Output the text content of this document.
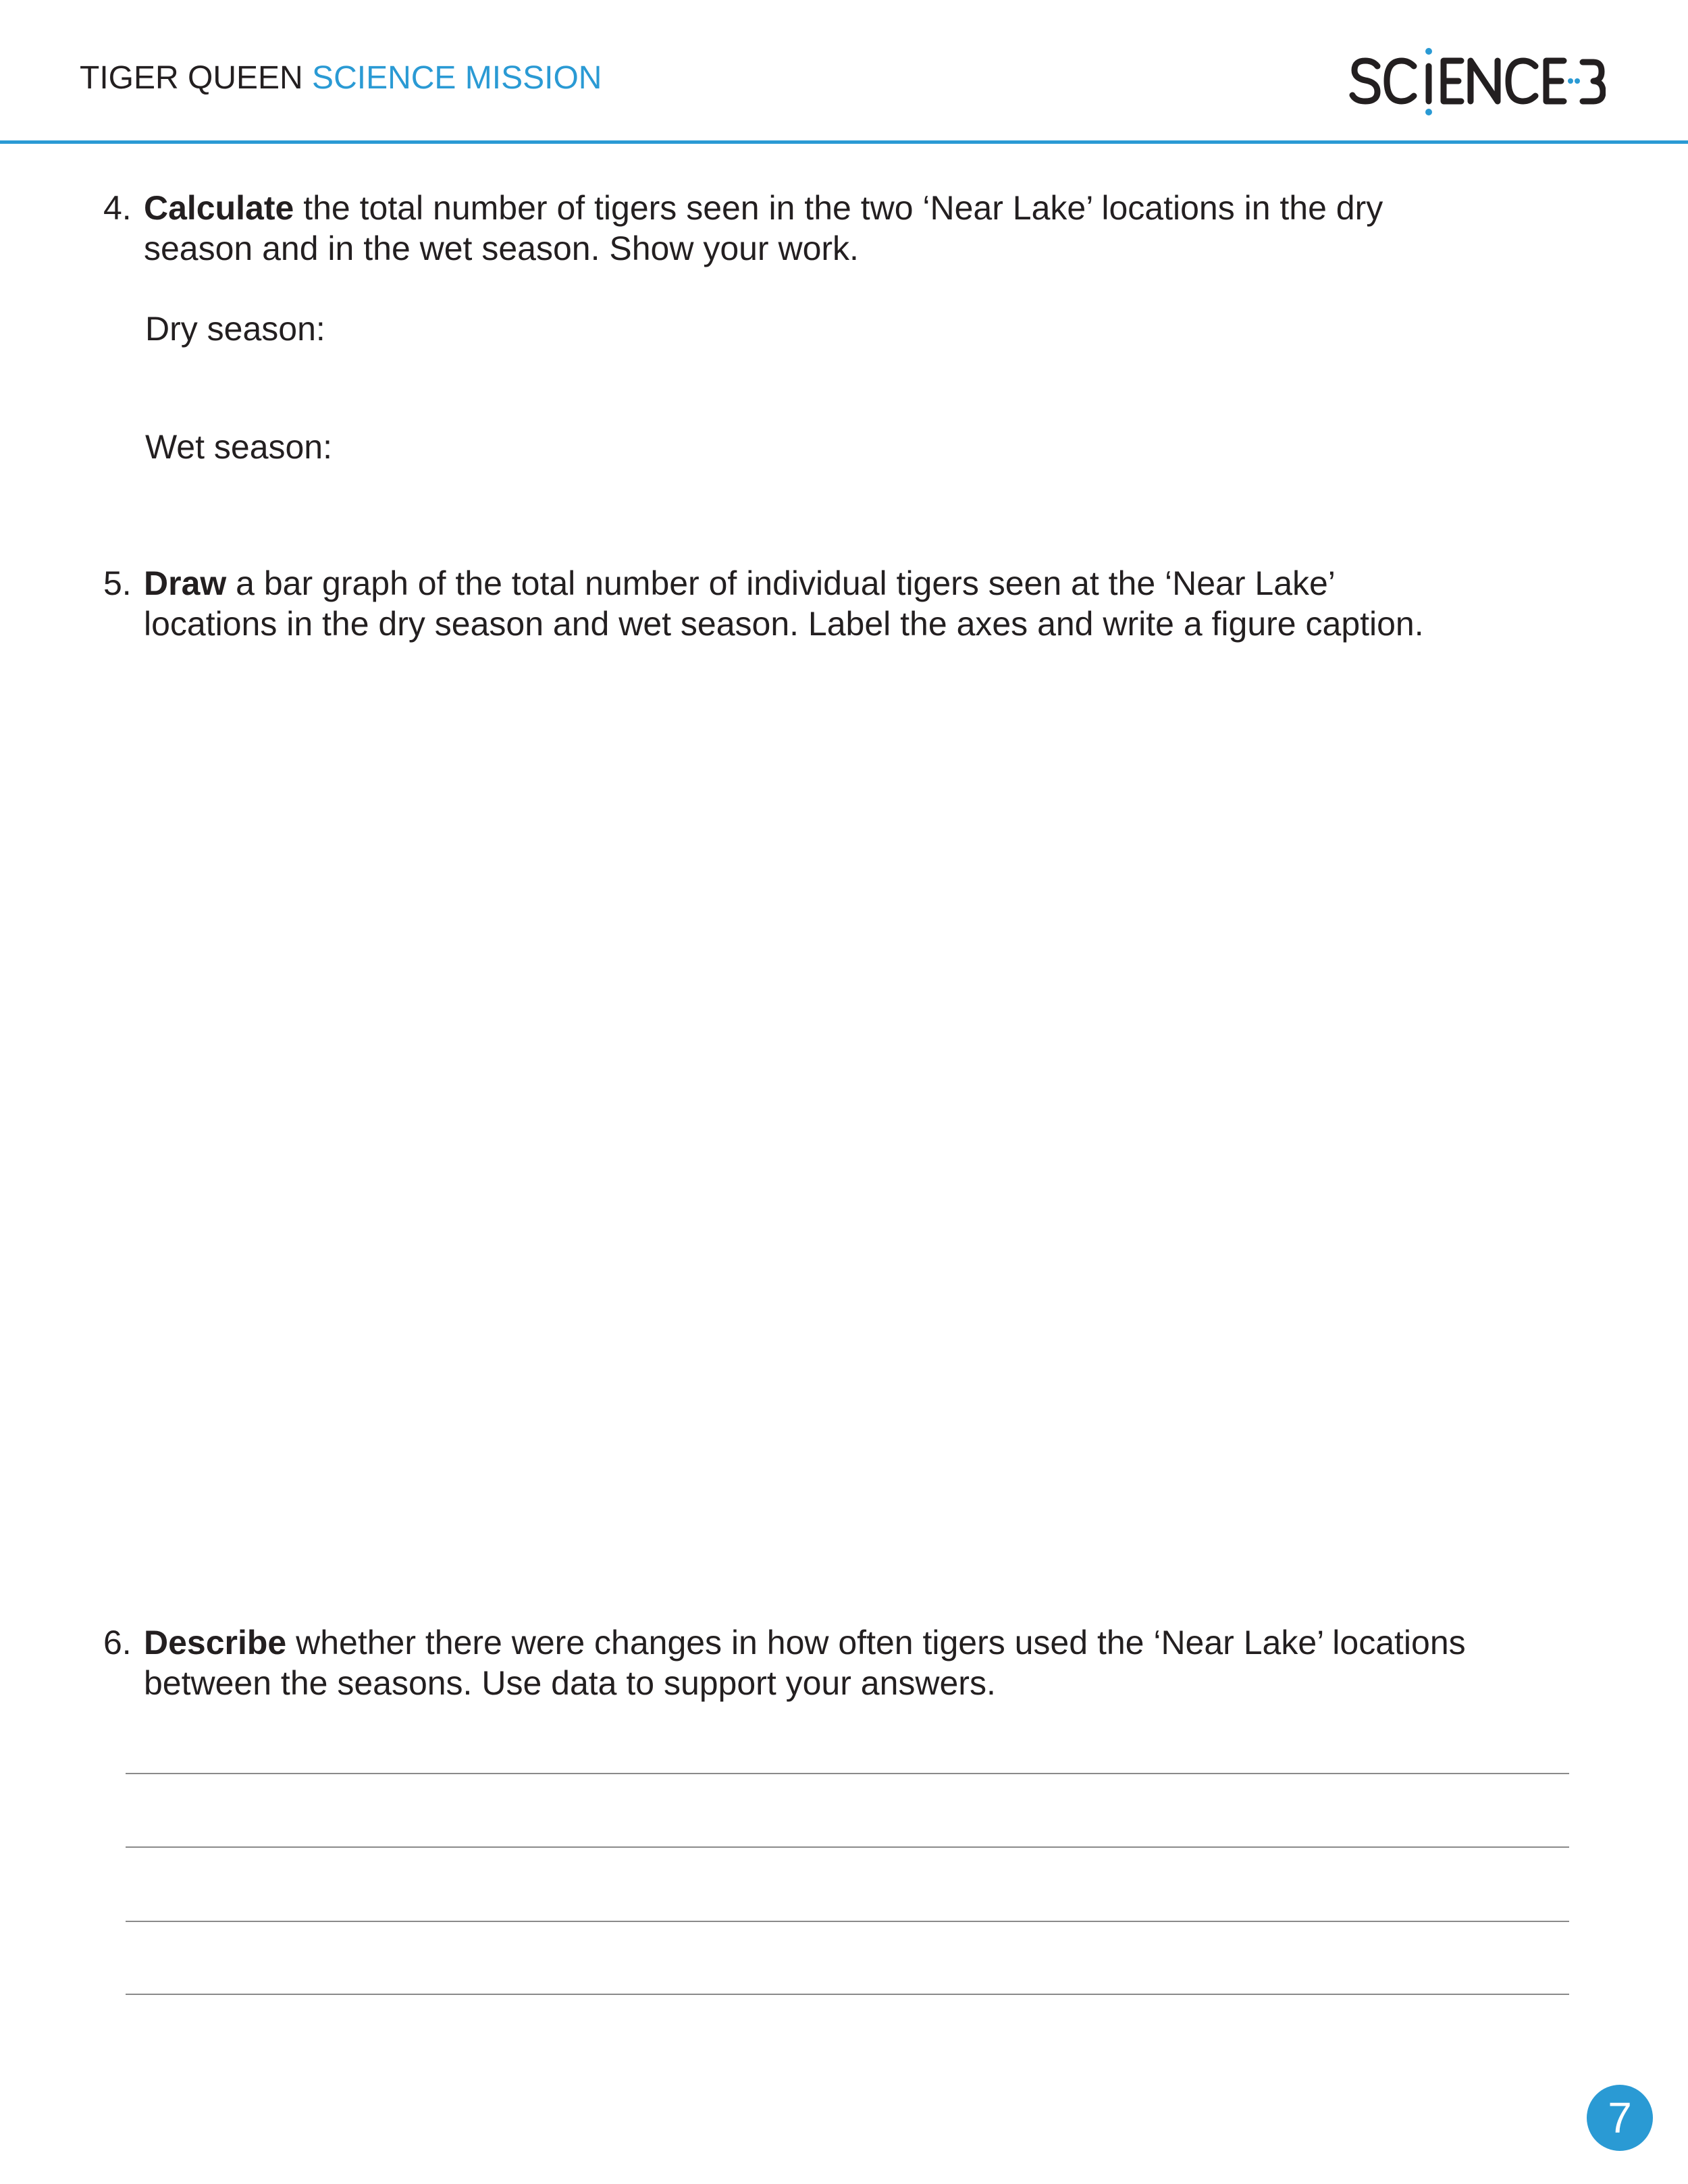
TIGER QUEEN SCIENCE MISSION
4. Calculate the total number of tigers seen in the two ‘Near Lake’ locations in the dry season and in the wet season. Show your work.
Dry season:
Wet season:
5. Draw a bar graph of the total number of individual tigers seen at the ‘Near Lake’ locations in the dry season and wet season. Label the axes and write a figure caption.
6. Describe whether there were changes in how often tigers used the ‘Near Lake’ locations between the seasons. Use data to support your answers.
7
